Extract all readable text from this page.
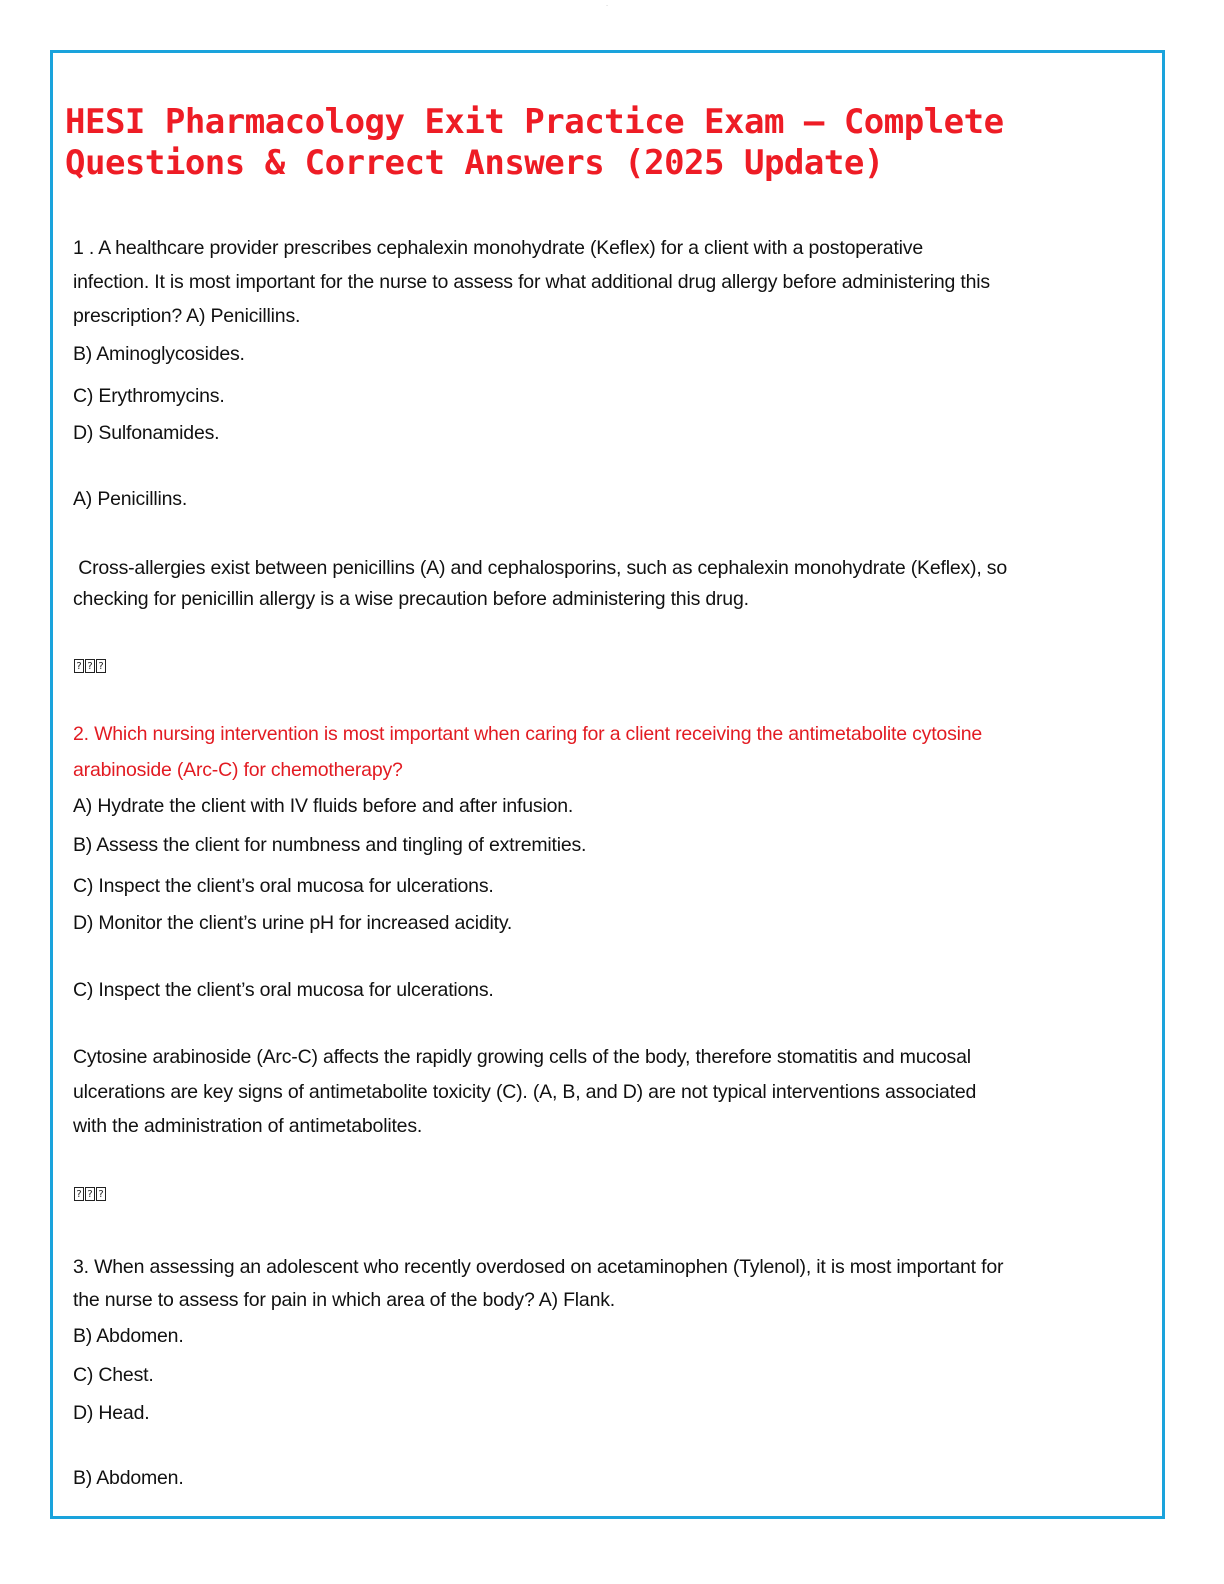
...
HESI Pharmacology Exit Practice Exam – Complete
Questions & Correct Answers (2025 Update)
1 . A healthcare provider prescribes cephalexin monohydrate (Keflex) for a client with a postoperative
infection. It is most important for the nurse to assess for what additional drug allergy before administering this
prescription? A) Penicillins.
B) Aminoglycosides.
C) Erythromycins.
D) Sulfonamides.
A) Penicillins.
Cross-allergies exist between penicillins (A) and cephalosporins, such as cephalexin monohydrate (Keflex), so
checking for penicillin allergy is a wise precaution before administering this drug.
? ? ?
2. Which nursing intervention is most important when caring for a client receiving the antimetabolite cytosine
arabinoside (Arc-C) for chemotherapy?
A) Hydrate the client with IV fluids before and after infusion.
B) Assess the client for numbness and tingling of extremities.
C) Inspect the client’s oral mucosa for ulcerations.
D) Monitor the client’s urine pH for increased acidity.
C) Inspect the client’s oral mucosa for ulcerations.
Cytosine arabinoside (Arc-C) affects the rapidly growing cells of the body, therefore stomatitis and mucosal
ulcerations are key signs of antimetabolite toxicity (C). (A, B, and D) are not typical interventions associated
with the administration of antimetabolites.
? ? ?
3. When assessing an adolescent who recently overdosed on acetaminophen (Tylenol), it is most important for
the nurse to assess for pain in which area of the body? A) Flank.
B) Abdomen.
C) Chest.
D) Head.
B) Abdomen.
